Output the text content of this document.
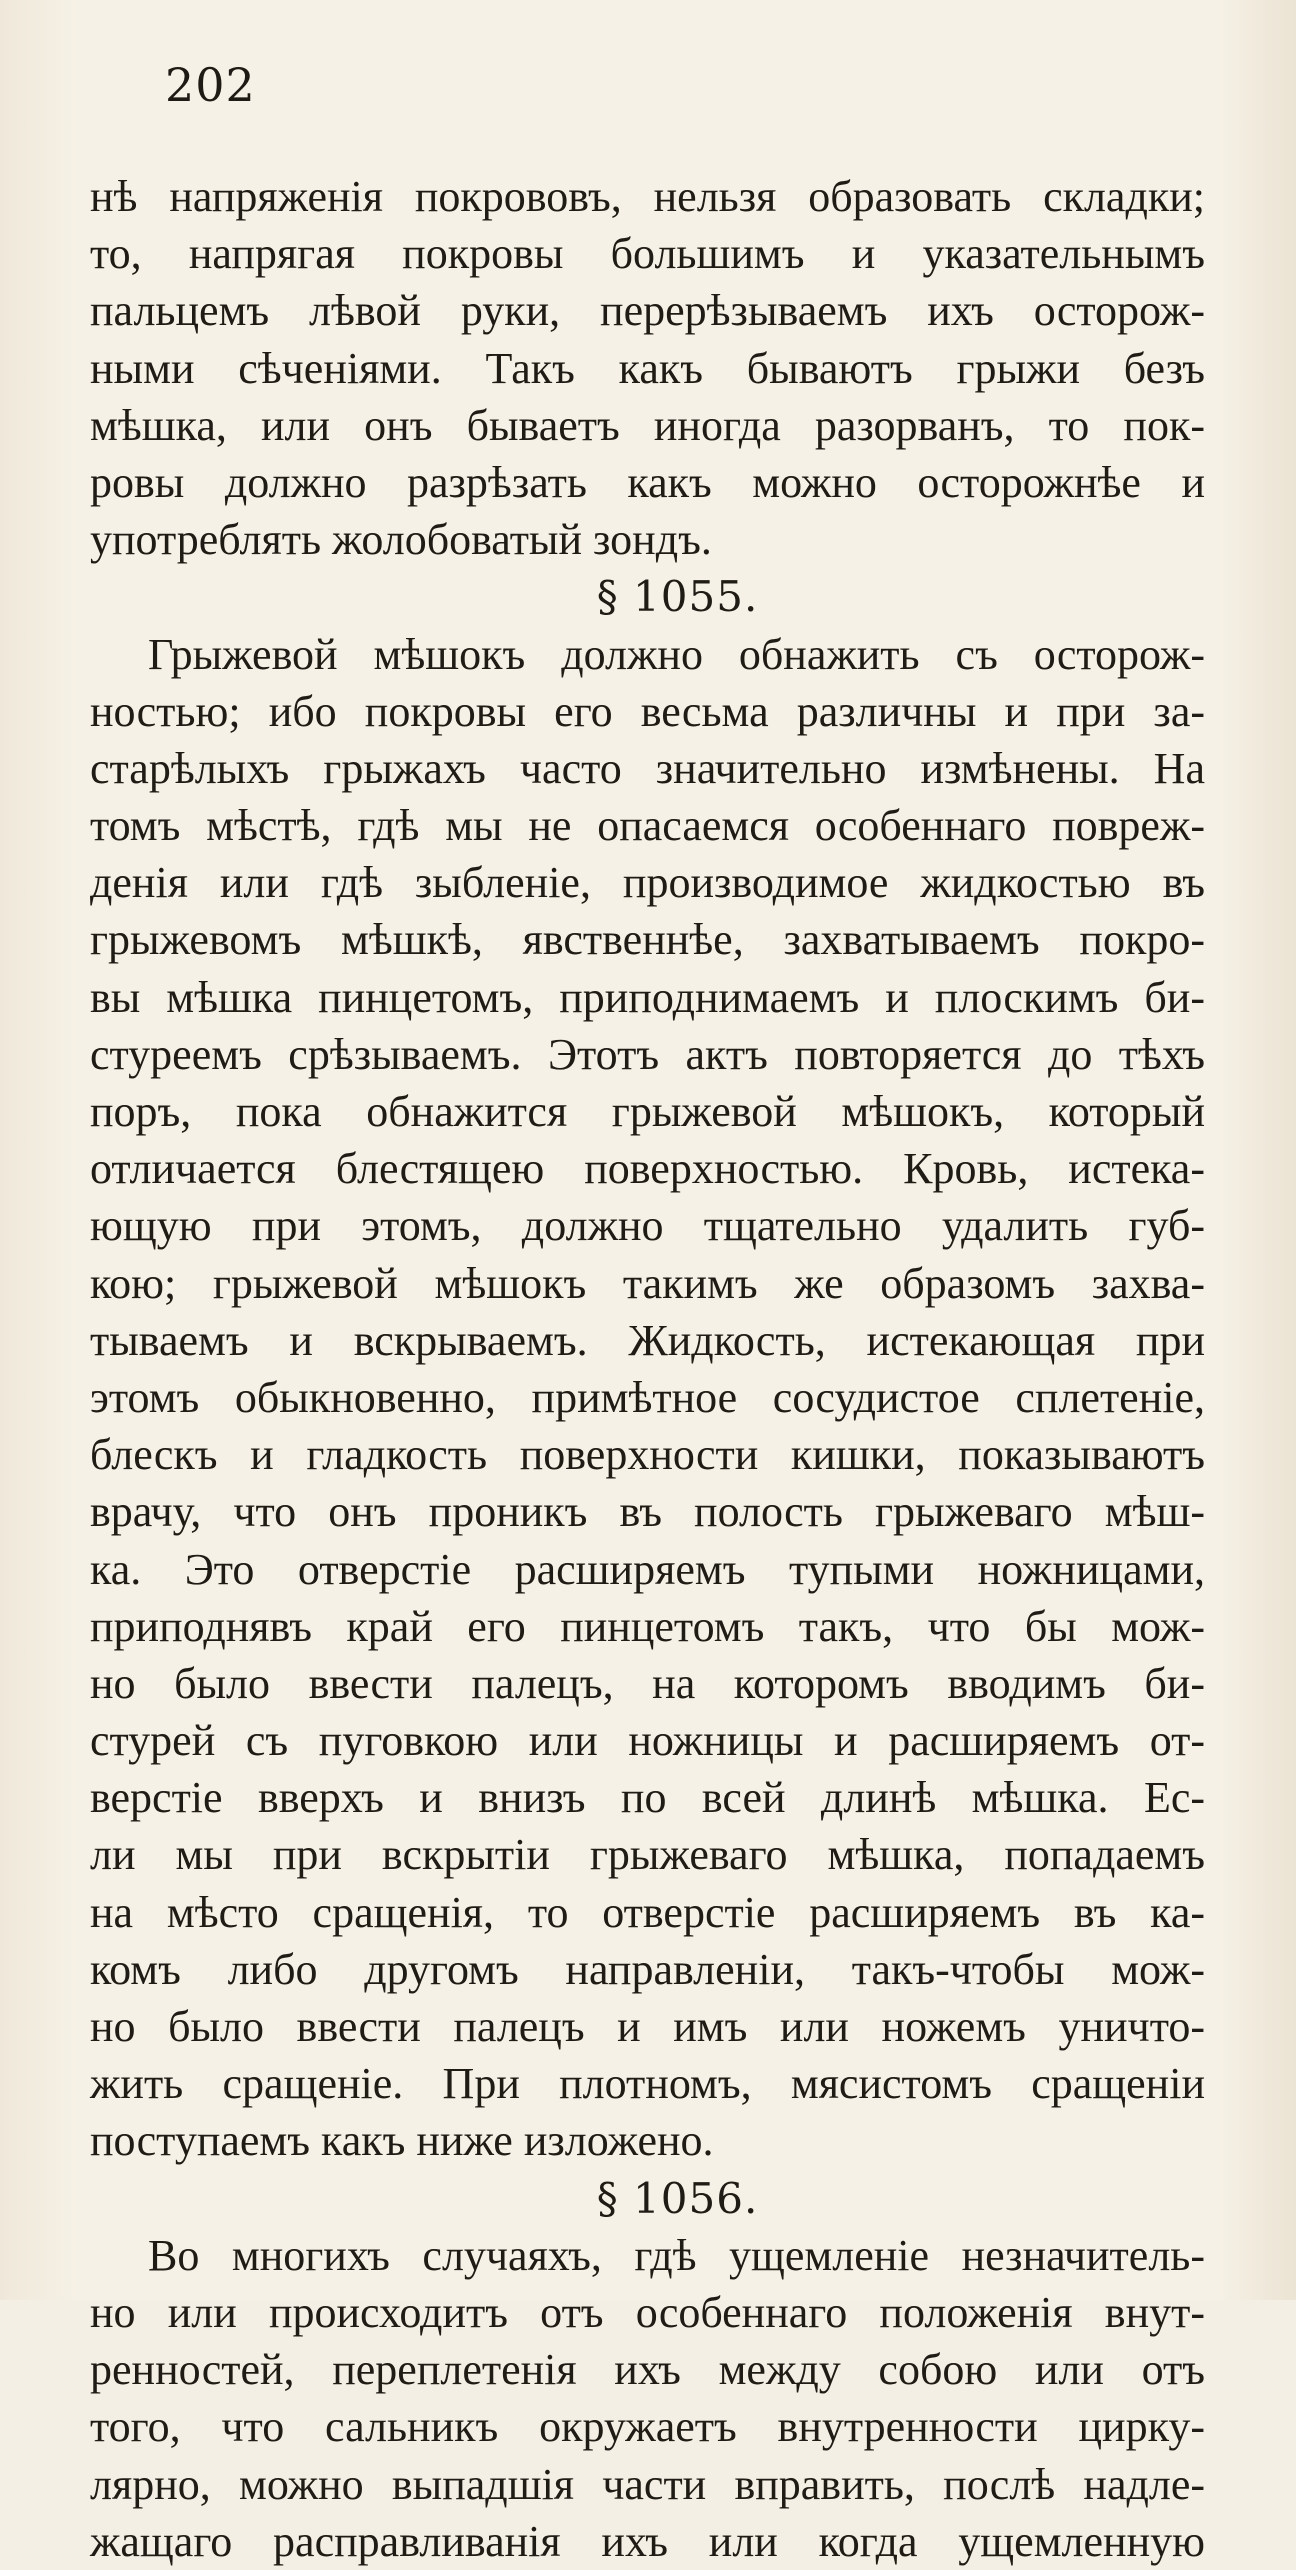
202
нѣ напряженія покрововъ, нельзя образовать складки;
то, напрягая покровы большимъ и указательнымъ
пальцемъ лѣвой руки, перерѣзываемъ ихъ осторож-
ными сѣченіями. Такъ какъ бываютъ грыжи безъ
мѣшка, или онъ бываетъ иногда разорванъ, то пок-
ровы должно разрѣзать какъ можно осторожнѣе и
употреблять жолобоватый зондъ.
§ 1055.
Грыжевой мѣшокъ должно обнажить съ осторож-
ностью; ибо покровы его весьма различны и при за-
старѣлыхъ грыжахъ часто значительно измѣнены. На
томъ мѣстѣ, гдѣ мы не опасаемся особеннаго повреж-
денія или гдѣ зыбленіе, производимое жидкостью въ
грыжевомъ мѣшкѣ, явственнѣе, захватываемъ покро-
вы мѣшка пинцетомъ, приподнимаемъ и плоскимъ би-
стуреемъ срѣзываемъ. Этотъ актъ повторяется до тѣхъ
поръ, пока обнажится грыжевой мѣшокъ, который
отличается блестящею поверхностью. Кровь, истека-
ющую при этомъ, должно тщательно удалить губ-
кою; грыжевой мѣшокъ такимъ же образомъ захва-
тываемъ и вскрываемъ. Жидкость, истекающая при
этомъ обыкновенно, примѣтное сосудистое сплетеніе,
блескъ и гладкость поверхности кишки, показываютъ
врачу, что онъ проникъ въ полость грыжеваго мѣш-
ка. Это отверстіе расширяемъ тупыми ножницами,
приподнявъ край его пинцетомъ такъ, что бы мож-
но было ввести палецъ, на которомъ вводимъ би-
стурей съ пуговкою или ножницы и расширяемъ от-
верстіе вверхъ и внизъ по всей длинѣ мѣшка. Ес-
ли мы при вскрытіи грыжеваго мѣшка, попадаемъ
на мѣсто сращенія, то отверстіе расширяемъ въ ка-
комъ либо другомъ направленіи, такъ-чтобы мож-
но было ввести палецъ и имъ или ножемъ уничто-
жить сращеніе. При плотномъ, мясистомъ сращеніи
поступаемъ какъ ниже изложено.
§ 1056.
Во многихъ случаяхъ, гдѣ ущемленіе незначитель-
но или происходитъ отъ особеннаго положенія внут-
ренностей, переплетенія ихъ между собою или отъ
того, что сальникъ окружаетъ внутренности цирку-
лярно, можно выпадшія части вправить, послѣ надле-
жащаго расправливанія ихъ или когда ущемленную
